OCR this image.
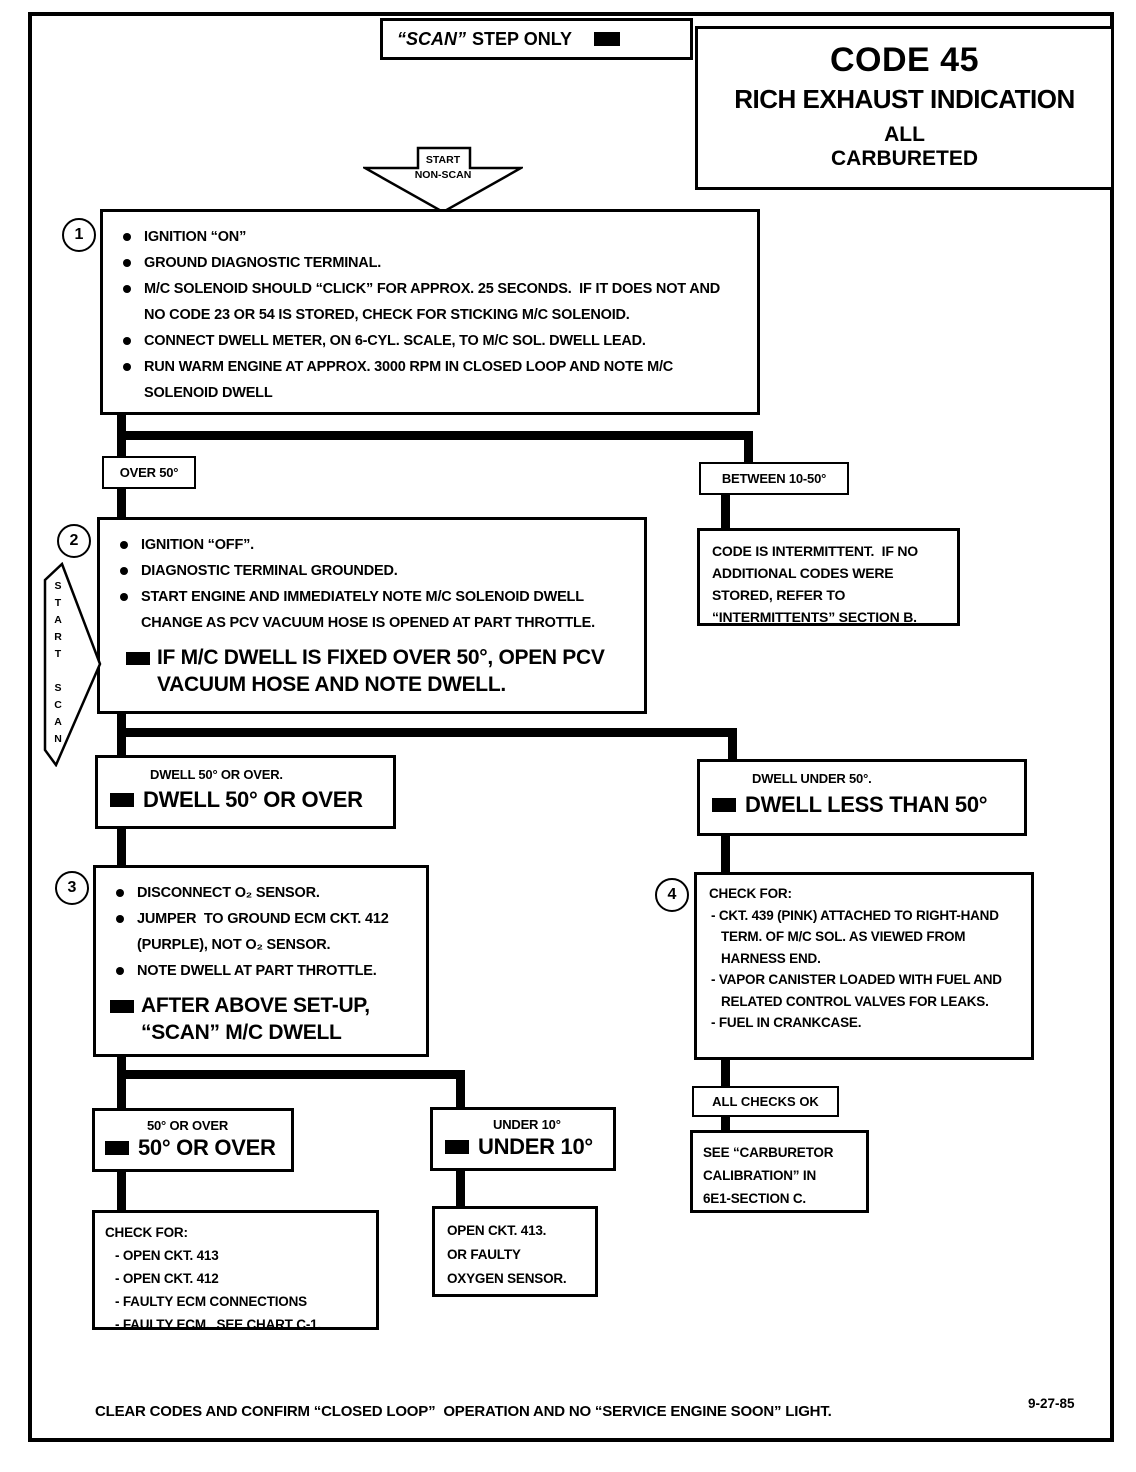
“SCAN” STEP ONLY
CODE 45
RICH EXHAUST INDICATION
ALL
CARBURETED
START
NON-SCAN
1	IGNITION “ON”
GROUND DIAGNOSTIC TERMINAL.
M/C SOLENOID SHOULD “CLICK” FOR APPROX. 25 SECONDS.  IF IT DOES NOT AND NO CODE 23 OR 54 IS STORED, CHECK FOR STICKING M/C SOLENOID.
CONNECT DWELL METER, ON 6-CYL. SCALE, TO M/C SOL. DWELL LEAD.
RUN WARM ENGINE AT APPROX. 3000 RPM IN CLOSED LOOP AND NOTE M/C SOLENOID DWELL
OVER 50°	BETWEEN 10-50°
2	IGNITION “OFF”.
DIAGNOSTIC TERMINAL GROUNDED.
START ENGINE AND IMMEDIATELY NOTE M/C SOLENOID DWELL CHANGE AS PCV VACUUM HOSE IS OPENED AT PART THROTTLE.
IF M/C DWELL IS FIXED OVER 50°, OPEN PCV VACUUM HOSE AND NOTE DWELL.
S
T
A
R
T
S
C
A
N
CODE IS INTERMITTENT.  IF NO
ADDITIONAL CODES WERE
STORED, REFER TO
“INTERMITTENTS” SECTION B.
DWELL 50° OR OVER.
DWELL 50° OR OVER
DWELL UNDER 50°.
DWELL LESS THAN 50°
3	DISCONNECT O₂ SENSOR.
JUMPER  TO GROUND ECM CKT. 412 (PURPLE), NOT O₂ SENSOR.
NOTE DWELL AT PART THROTTLE.
AFTER ABOVE SET-UP, “SCAN” M/C DWELL
4 CHECK FOR:
- CKT. 439 (PINK) ATTACHED TO RIGHT-HAND TERM. OF M/C SOL. AS VIEWED FROM HARNESS END.
- VAPOR CANISTER LOADED WITH FUEL AND RELATED CONTROL VALVES FOR LEAKS.
- FUEL IN CRANKCASE.
50° OR OVER
50° OR OVER
UNDER 10°
UNDER 10°
ALL CHECKS OK
SEE “CARBURETOR
CALIBRATION” IN
6E1-SECTION C.
CHECK FOR:
- OPEN CKT. 413
- OPEN CKT. 412
- FAULTY ECM CONNECTIONS
- FAULTY ECM.  SEE CHART C-1.
OPEN CKT. 413.
OR FAULTY
OXYGEN SENSOR.
CLEAR CODES AND CONFIRM “CLOSED LOOP”  OPERATION AND NO “SERVICE ENGINE SOON” LIGHT.	9-27-85
